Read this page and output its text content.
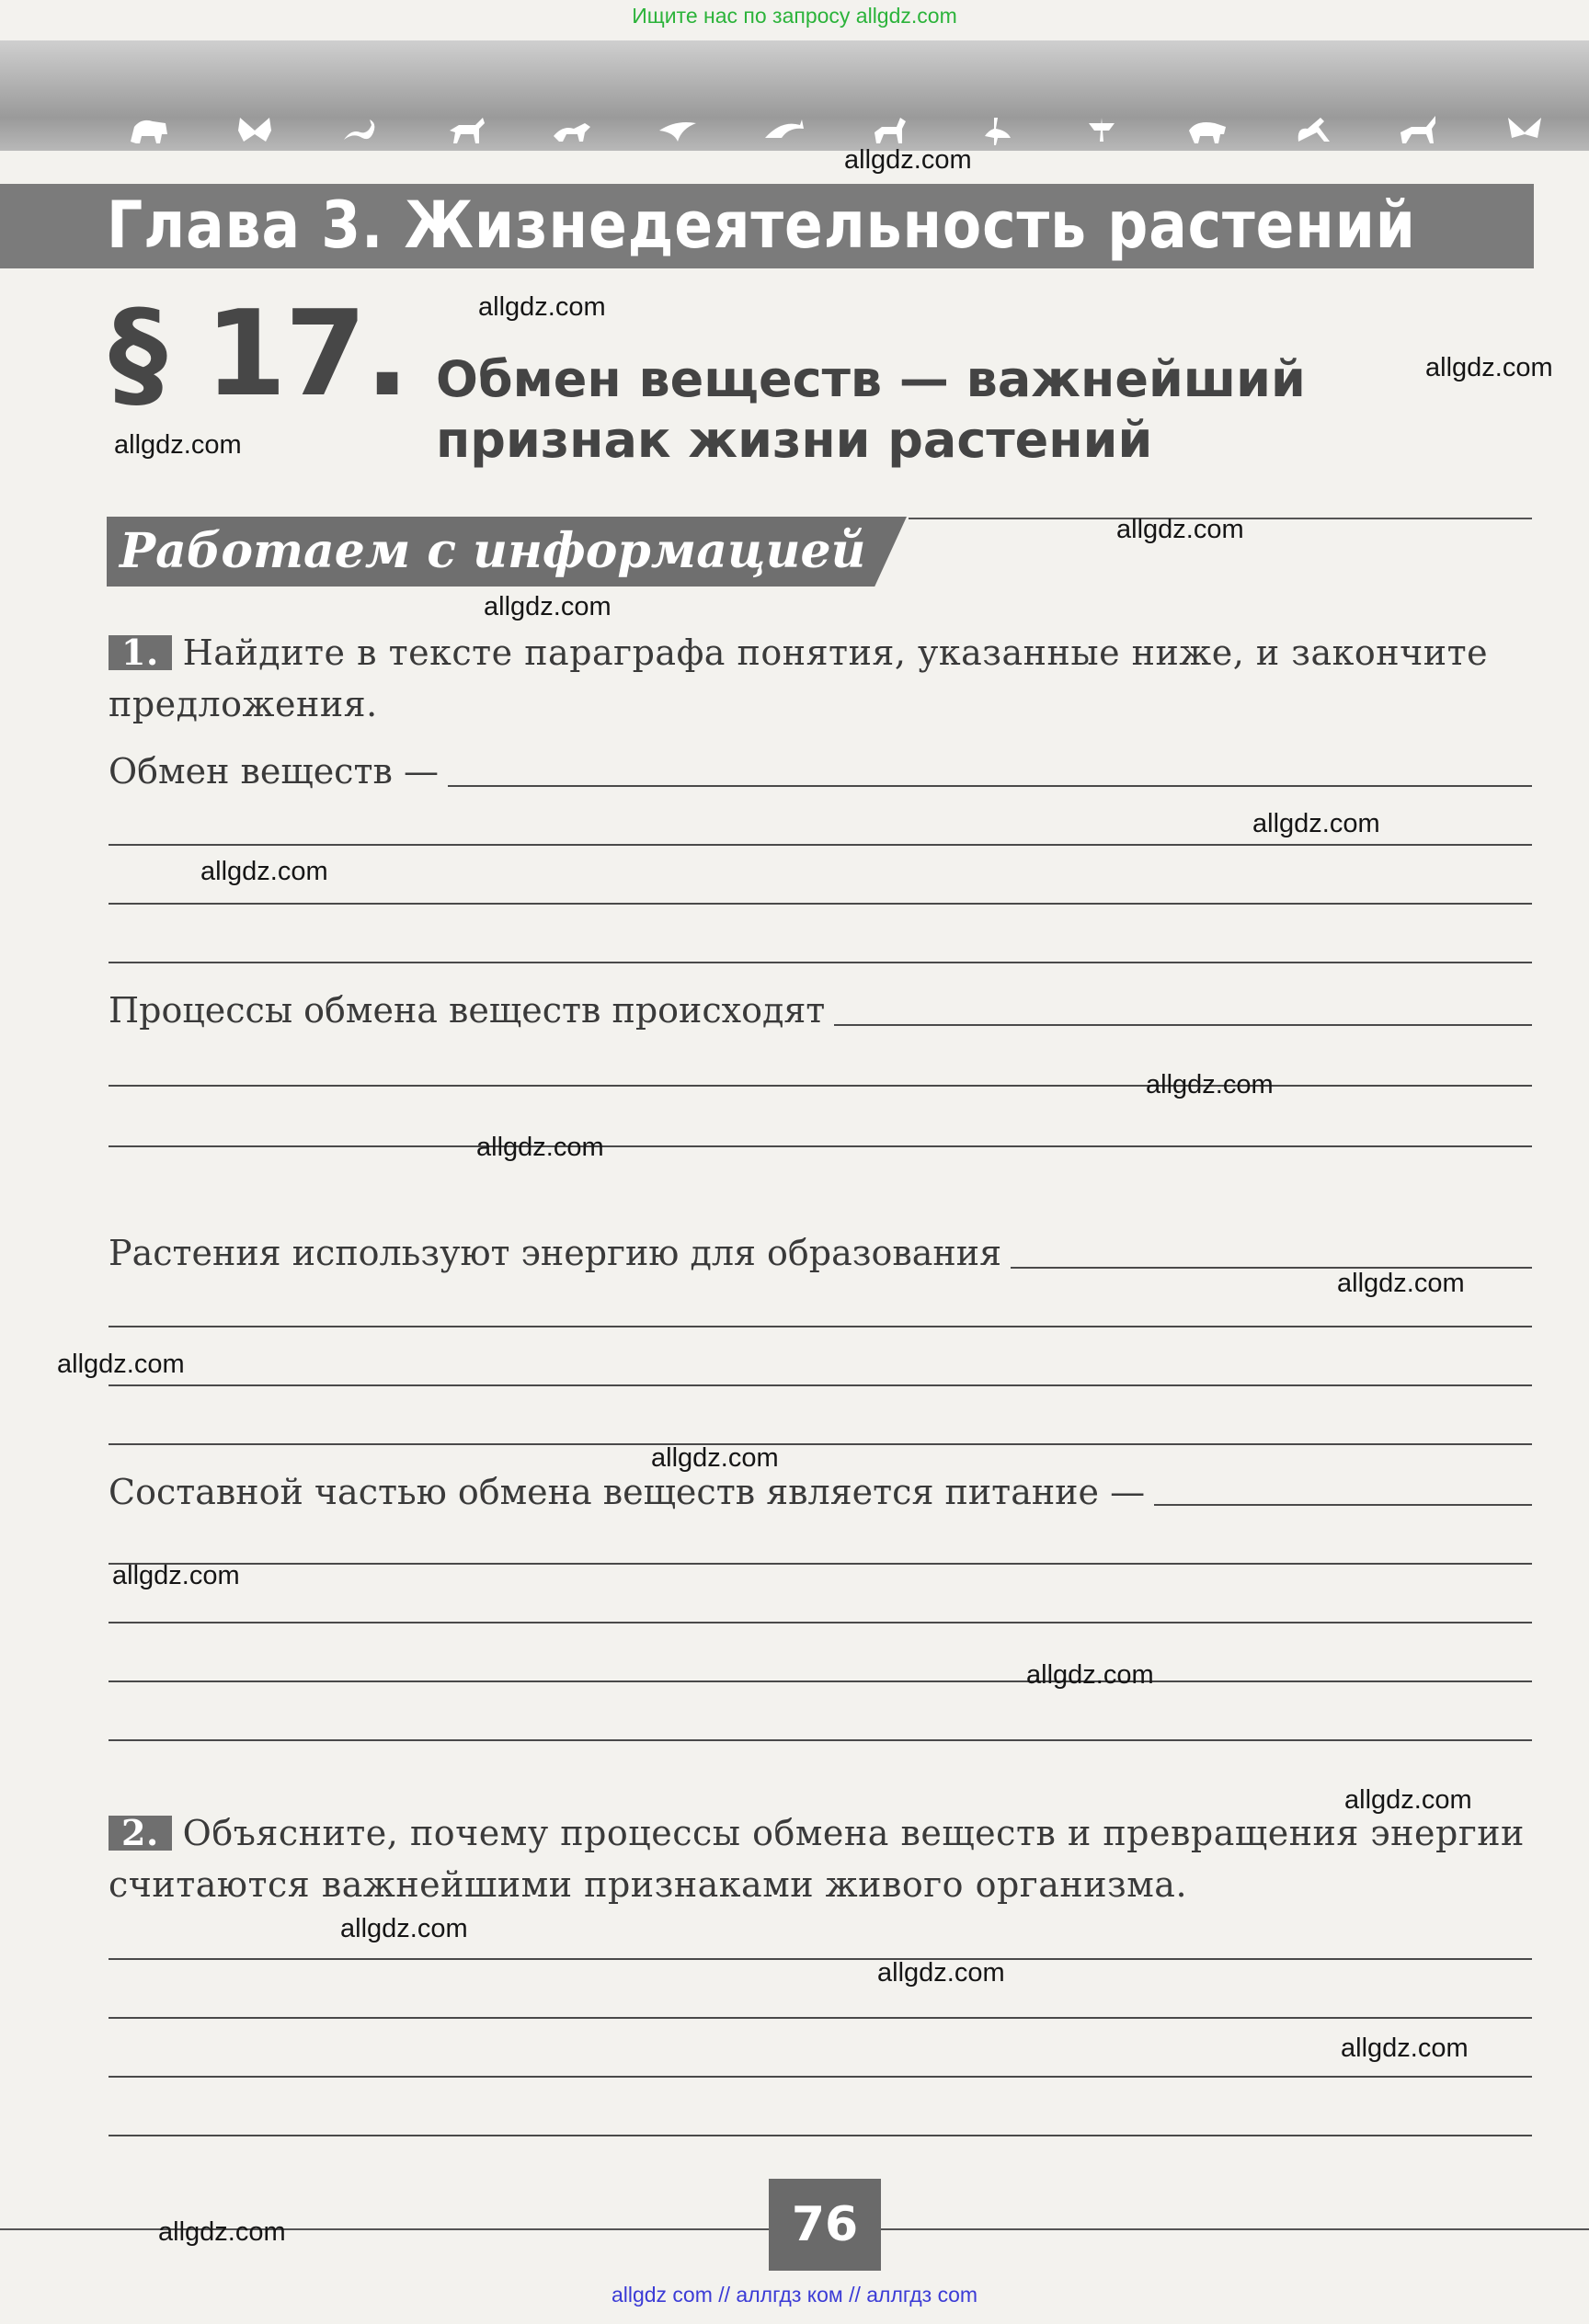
Ищите нас по запросу allgdz.com
Глава 3. Жизнедеятельность растений
§ 17. Обмен веществ — важнейший
признак жизни растений
Работаем с информацией
1. Найдите в тексте параграфа понятия, указанные ниже, и закончите предложения.
Обмен веществ —
Процессы обмена веществ происходят
Растения используют энергию для образования
Составной частью обмена веществ является питание —
2. Объясните, почему процессы обмена веществ и превращения энергии считаются важнейшими признаками живого организма.
76
allgdz.com
allgdz.com
allgdz.com
allgdz.com
allgdz.com
allgdz.com
allgdz.com
allgdz.com
allgdz.com
allgdz.com
allgdz.com
allgdz.com
allgdz.com
allgdz.com
allgdz.com
allgdz.com
allgdz.com
allgdz.com
allgdz.com
allgdz.com
allgdz com // аллгдз ком // аллгдз com
